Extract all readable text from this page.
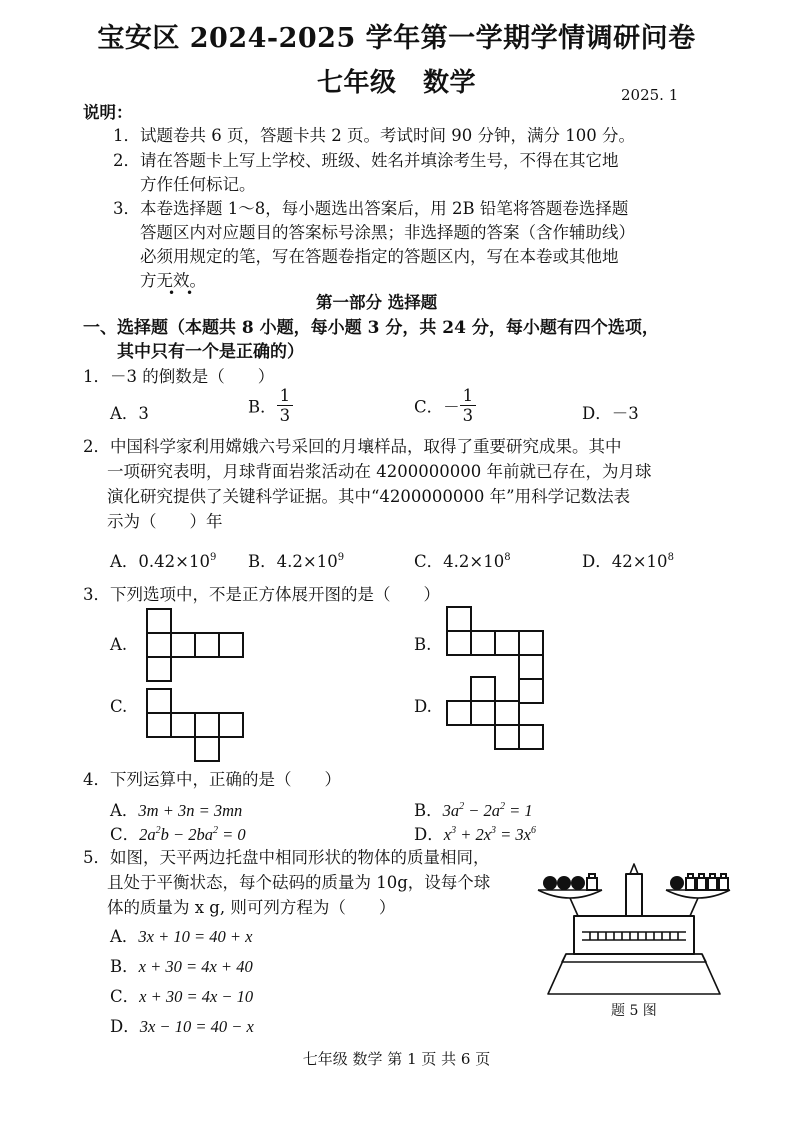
宝安区 2024-2025 学年第一学期学情调研问卷
七年级　数学	2025. 1
说明：
1． 试题卷共 6 页，答题卡共 2 页。考试时间 90 分钟，满分 100 分。
2． 请在答题卡上写上学校、班级、姓名并填涂考生号，不得在其它地
方作任何标记。
3． 本卷选择题 1～8，每小题选出答案后，用 2B 铅笔将答题卷选择题
答题区内对应题目的答案标号涂黑；非选择题的答案（含作辅助线）
必须用规定的笔，写在答题卷指定的答题区内，写在本卷或其他地
方无效。
• •	第一部分 选择题
一、选择题（本题共 8 小题，每小题 3 分，共 24 分，每小题有四个选项，
其中只有一个是正确的）
1．－3 的倒数是（　　）
A．3	B． $\frac{1}{3}$	C．－ $\frac{1}{3}$	D．－3
2．中国科学家利用嫦娥六号采回的月壤样品，取得了重要研究成果。其中
一项研究表明，月球背面岩浆活动在 4200000000 年前就已存在，为月球
演化研究提供了关键科学证据。其中“4200000000 年”用科学记数法表
示为（　　）年
A．$0.42\times 10^9$ B．$4.2\times 10^9$	C．$4.2\times 10^8$	D．$42\times 10^8$
3．下列选项中，不是正方体展开图的是（　　）
A.	B.
C.	D.
4．下列运算中，正确的是（　　）
A．3m + 3n = 3mn	B．$3a^2 - 2a^2 = 1$
C．$2a^2b - 2ba^2 = 0$	D．$x^3 + 2x^3 = 3x^6$
5．如图，天平两边托盘中相同形状的物体的质量相同，
且处于平衡状态，每个砝码的质量为 10g，设每个球
体的质量为 x g, 则可列方程为（　　）
A．3x + 10 = 40 + x
B．x + 30 = 4x + 40
C．x + 30 = 4x − 10
D．3x − 10 = 40 − x
题 5 图
七年级 数学 第 1 页 共 6 页
